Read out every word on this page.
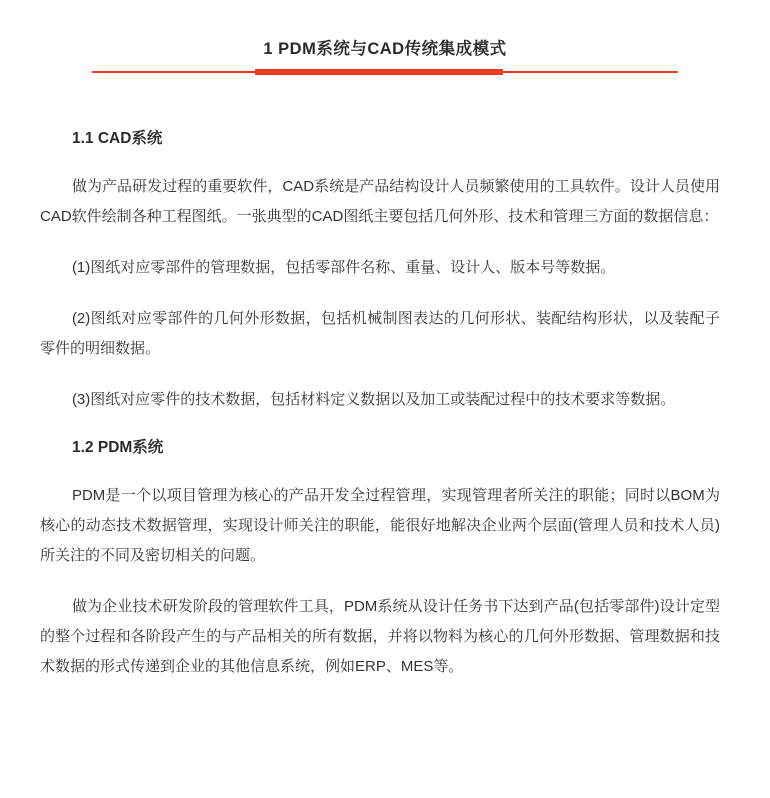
1 PDM系统与CAD传统集成模式
1.1 CAD系统

做为产品研发过程的重要软件，CAD系统是产品结构设计人员频繁使用的工具软件。设计人员使用CAD软件绘制各种工程图纸。一张典型的CAD图纸主要包括几何外形、技术和管理三方面的数据信息：

(1)图纸对应零部件的管理数据，包括零部件名称、重量、设计人、版本号等数据。

(2)图纸对应零部件的几何外形数据，包括机械制图表达的几何形状、装配结构形状，以及装配子零件的明细数据。

(3)图纸对应零件的技术数据，包括材料定义数据以及加工或装配过程中的技术要求等数据。

1.2 PDM系统

PDM是一个以项目管理为核心的产品开发全过程管理，实现管理者所关注的职能；同时以BOM为核心的动态技术数据管理，实现设计师关注的职能，能很好地解决企业两个层面(管理人员和技术人员)所关注的不同及密切相关的问题。

做为企业技术研发阶段的管理软件工具，PDM系统从设计任务书下达到产品(包括零部件)设计定型的整个过程和各阶段产生的与产品相关的所有数据，并将以物料为核心的几何外形数据、管理数据和技术数据的形式传递到企业的其他信息系统，例如ERP、MES等。
